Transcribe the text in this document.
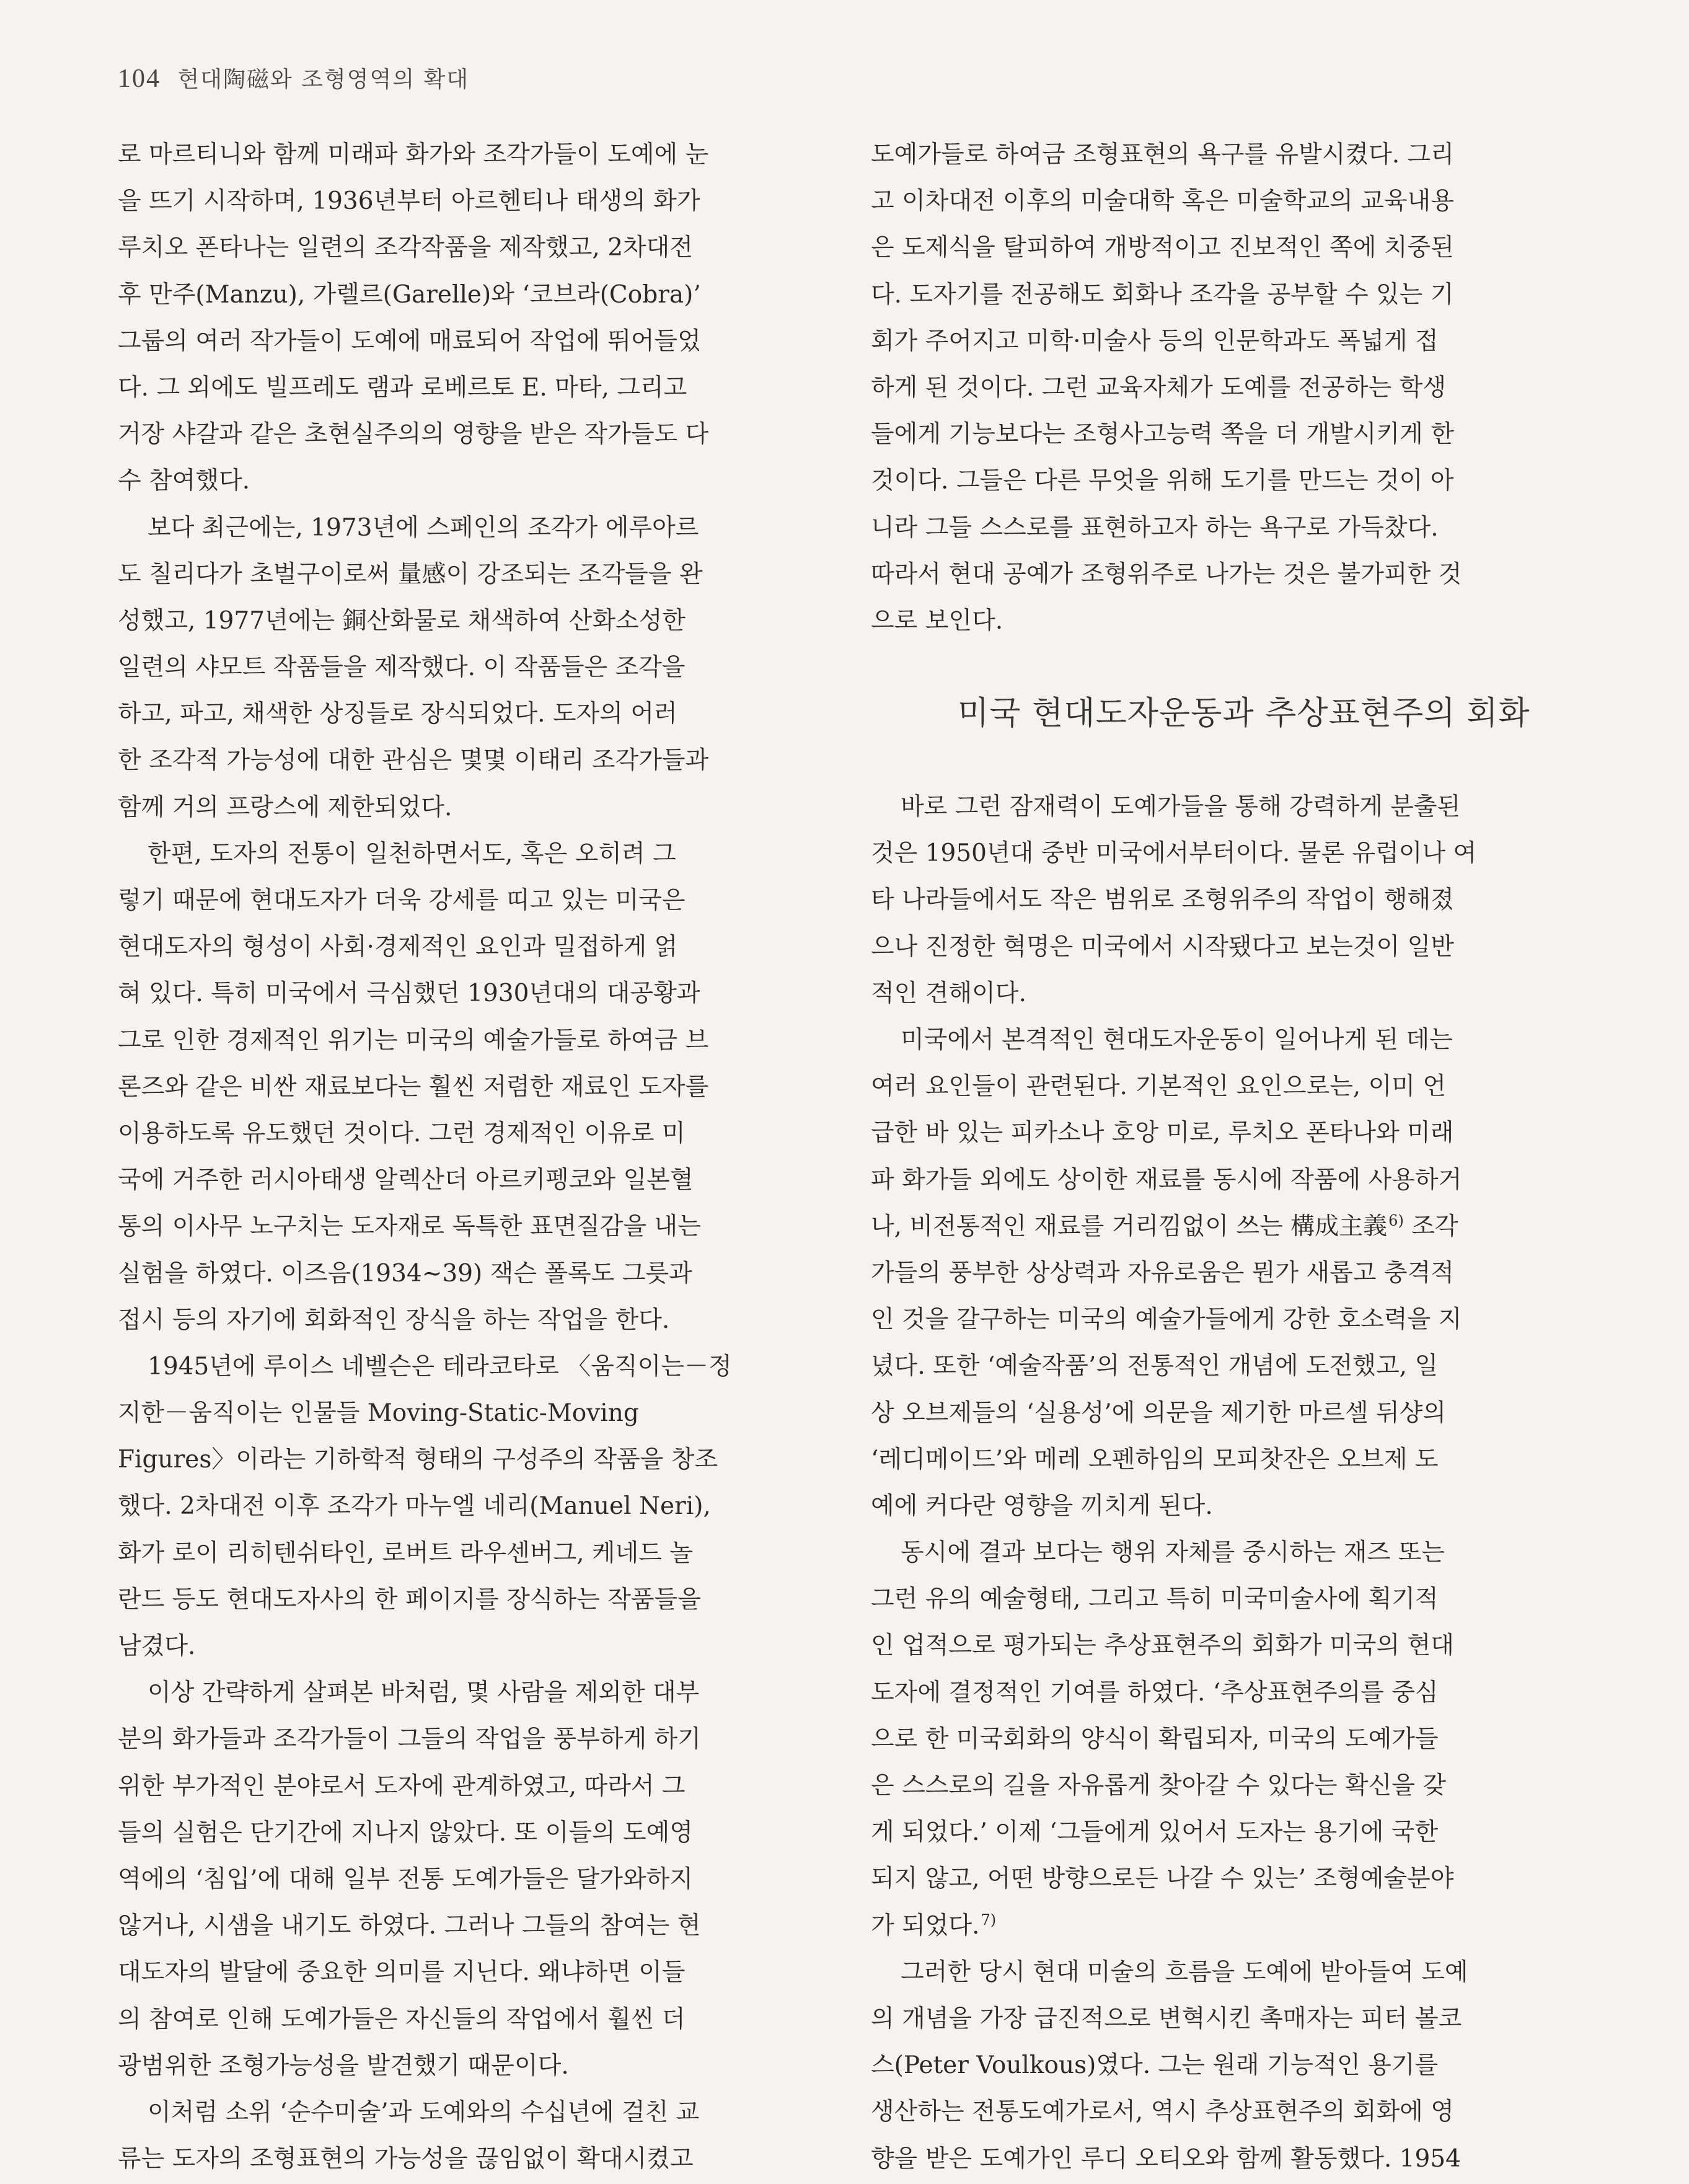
104 현대陶磁와 조형영역의 확대
로 마르티니와 함께 미래파 화가와 조각가들이 도예에 눈
을 뜨기 시작하며, 1936년부터 아르헨티나 태생의 화가
루치오 폰타나는 일련의 조각작품을 제작했고, 2차대전
후 만주(Manzu), 가렐르(Garelle)와 ‘코브라(Cobra)’
그룹의 여러 작가들이 도예에 매료되어 작업에 뛰어들었
다. 그 외에도 빌프레도 램과 로베르토 E. 마타, 그리고
거장 샤갈과 같은 초현실주의의 영향을 받은 작가들도 다
수 참여했다.
보다 최근에는, 1973년에 스페인의 조각가 에루아르
도 칠리다가 초벌구이로써 量感이 강조되는 조각들을 완
성했고, 1977년에는 銅산화물로 채색하여 산화소성한
일련의 샤모트 작품들을 제작했다. 이 작품들은 조각을
하고, 파고, 채색한 상징들로 장식되었다. 도자의 어러
한 조각적 가능성에 대한 관심은 몇몇 이태리 조각가들과
함께 거의 프랑스에 제한되었다.
한편, 도자의 전통이 일천하면서도, 혹은 오히려 그
렇기 때문에 현대도자가 더욱 강세를 띠고 있는 미국은
현대도자의 형성이 사회·경제적인 요인과 밀접하게 얽
혀 있다. 특히 미국에서 극심했던 1930년대의 대공황과
그로 인한 경제적인 위기는 미국의 예술가들로 하여금 브
론즈와 같은 비싼 재료보다는 훨씬 저렴한 재료인 도자를
이용하도록 유도했던 것이다. 그런 경제적인 이유로 미
국에 거주한 러시아태생 알렉산더 아르키펭코와 일본혈
통의 이사무 노구치는 도자재로 독특한 표면질감을 내는
실험을 하였다. 이즈음(1934∼39) 잭슨 폴록도 그릇과
접시 등의 자기에 회화적인 장식을 하는 작업을 한다.
1945년에 루이스 네벨슨은 테라코타로 〈움직이는－정
지한－움직이는 인물들 Moving-Static-Moving
Figures〉이라는 기하학적 형태의 구성주의 작품을 창조
했다. 2차대전 이후 조각가 마누엘 네리(Manuel Neri),
화가 로이 리히텐쉬타인, 로버트 라우센버그, 케네드 놀
란드 등도 현대도자사의 한 페이지를 장식하는 작품들을
남겼다.
이상 간략하게 살펴본 바처럼, 몇 사람을 제외한 대부
분의 화가들과 조각가들이 그들의 작업을 풍부하게 하기
위한 부가적인 분야로서 도자에 관계하였고, 따라서 그
들의 실험은 단기간에 지나지 않았다. 또 이들의 도예영
역에의 ‘침입’에 대해 일부 전통 도예가들은 달가와하지
않거나, 시샘을 내기도 하였다. 그러나 그들의 참여는 현
대도자의 발달에 중요한 의미를 지닌다. 왜냐하면 이들
의 참여로 인해 도예가들은 자신들의 작업에서 훨씬 더
광범위한 조형가능성을 발견했기 때문이다.
이처럼 소위 ‘순수미술’과 도예와의 수십년에 걸친 교
류는 도자의 조형표현의 가능성을 끊임없이 확대시켰고
도예가들로 하여금 조형표현의 욕구를 유발시켰다. 그리
고 이차대전 이후의 미술대학 혹은 미술학교의 교육내용
은 도제식을 탈피하여 개방적이고 진보적인 쪽에 치중된
다. 도자기를 전공해도 회화나 조각을 공부할 수 있는 기
회가 주어지고 미학·미술사 등의 인문학과도 폭넓게 접
하게 된 것이다. 그런 교육자체가 도예를 전공하는 학생
들에게 기능보다는 조형사고능력 쪽을 더 개발시키게 한
것이다. 그들은 다른 무엇을 위해 도기를 만드는 것이 아
니라 그들 스스로를 표현하고자 하는 욕구로 가득찼다.
따라서 현대 공예가 조형위주로 나가는 것은 불가피한 것
으로 보인다.
미국 현대도자운동과 추상표현주의 회화
바로 그런 잠재력이 도예가들을 통해 강력하게 분출된
것은 1950년대 중반 미국에서부터이다. 물론 유럽이나 여
타 나라들에서도 작은 범위로 조형위주의 작업이 행해졌
으나 진정한 혁명은 미국에서 시작됐다고 보는것이 일반
적인 견해이다.
미국에서 본격적인 현대도자운동이 일어나게 된 데는
여러 요인들이 관련된다. 기본적인 요인으로는, 이미 언
급한 바 있는 피카소나 호앙 미로, 루치오 폰타나와 미래
파 화가들 외에도 상이한 재료를 동시에 작품에 사용하거
나, 비전통적인 재료를 거리낌없이 쓰는 構成主義$^{6)}$ 조각
가들의 풍부한 상상력과 자유로움은 뭔가 새롭고 충격적
인 것을 갈구하는 미국의 예술가들에게 강한 호소력을 지
녔다. 또한 ‘예술작품’의 전통적인 개념에 도전했고, 일
상 오브제들의 ‘실용성’에 의문을 제기한 마르셀 뒤샹의
‘레디메이드’와 메레 오펜하임의 모피찻잔은 오브제 도
예에 커다란 영향을 끼치게 된다.
동시에 결과 보다는 행위 자체를 중시하는 재즈 또는
그런 유의 예술형태, 그리고 특히 미국미술사에 획기적
인 업적으로 평가되는 추상표현주의 회화가 미국의 현대
도자에 결정적인 기여를 하였다. ‘추상표현주의를 중심
으로 한 미국회화의 양식이 확립되자, 미국의 도예가들
은 스스로의 길을 자유롭게 찾아갈 수 있다는 확신을 갖
게 되었다.’ 이제 ‘그들에게 있어서 도자는 용기에 국한
되지 않고, 어떤 방향으로든 나갈 수 있는’ 조형예술분야
가 되었다.$^{7)}$
그러한 당시 현대 미술의 흐름을 도예에 받아들여 도예
의 개념을 가장 급진적으로 변혁시킨 촉매자는 피터 볼코
스(Peter Voulkous)였다. 그는 원래 기능적인 용기를
생산하는 전통도예가로서, 역시 추상표현주의 회화에 영
향을 받은 도예가인 루디 오티오와 함께 활동했다. 1954
